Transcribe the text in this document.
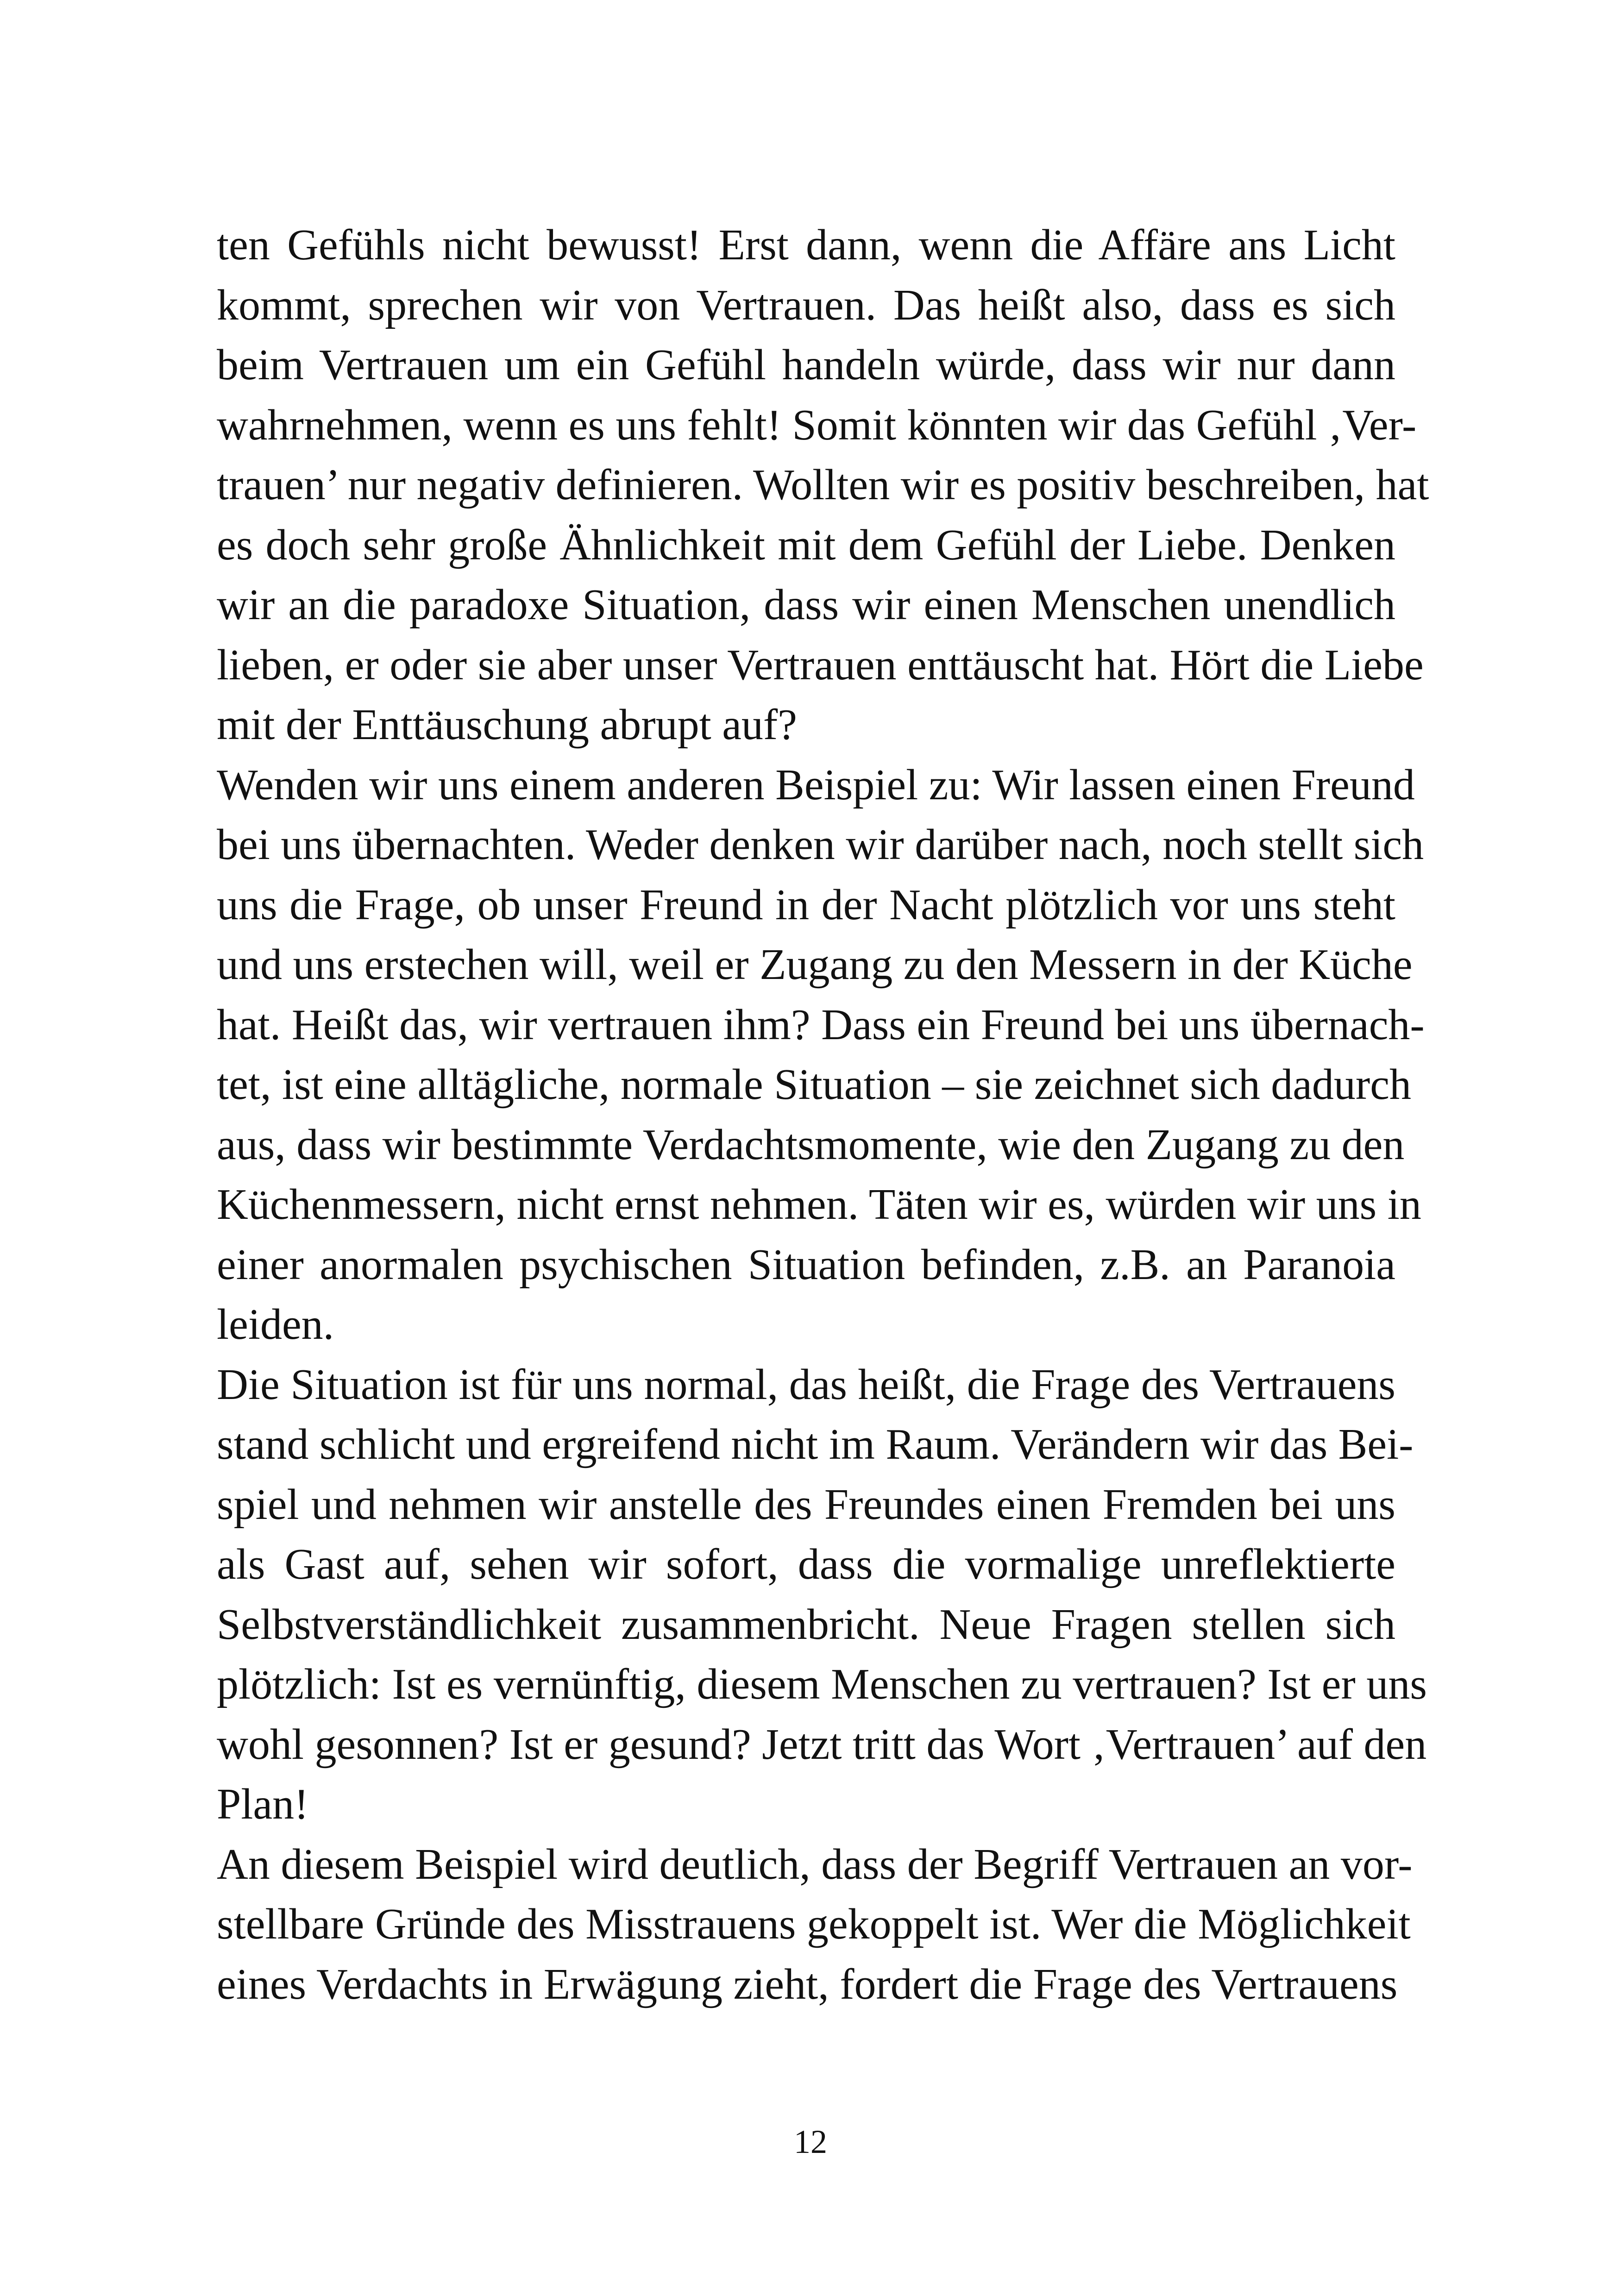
ten Gefühls nicht bewusst! Erst dann, wenn die Affäre ans Licht
kommt, sprechen wir von Vertrauen. Das heißt also, dass es sich
beim Vertrauen um ein Gefühl handeln würde, dass wir nur dann
wahrnehmen, wenn es uns fehlt! Somit könnten wir das Gefühl ‚Ver-
trauen’ nur negativ definieren. Wollten wir es positiv beschreiben, hat
es doch sehr große Ähnlichkeit mit dem Gefühl der Liebe. Denken
wir an die paradoxe Situation, dass wir einen Menschen unendlich
lieben, er oder sie aber unser Vertrauen enttäuscht hat. Hört die Liebe
mit der Enttäuschung abrupt auf?
Wenden wir uns einem anderen Beispiel zu: Wir lassen einen Freund
bei uns übernachten. Weder denken wir darüber nach, noch stellt sich
uns die Frage, ob unser Freund in der Nacht plötzlich vor uns steht
und uns erstechen will, weil er Zugang zu den Messern in der Küche
hat. Heißt das, wir vertrauen ihm? Dass ein Freund bei uns übernach-
tet, ist eine alltägliche, normale Situation – sie zeichnet sich dadurch
aus, dass wir bestimmte Verdachtsmomente, wie den Zugang zu den
Küchenmessern, nicht ernst nehmen. Täten wir es, würden wir uns in
einer anormalen psychischen Situation befinden, z.B. an Paranoia
leiden.
Die Situation ist für uns normal, das heißt, die Frage des Vertrauens
stand schlicht und ergreifend nicht im Raum. Verändern wir das Bei-
spiel und nehmen wir anstelle des Freundes einen Fremden bei uns
als Gast auf, sehen wir sofort, dass die vormalige unreflektierte
Selbstverständlichkeit zusammenbricht. Neue Fragen stellen sich
plötzlich: Ist es vernünftig, diesem Menschen zu vertrauen? Ist er uns
wohl gesonnen? Ist er gesund? Jetzt tritt das Wort ‚Vertrauen’ auf den
Plan!
An diesem Beispiel wird deutlich, dass der Begriff Vertrauen an vor-
stellbare Gründe des Misstrauens gekoppelt ist. Wer die Möglichkeit
eines Verdachts in Erwägung zieht, fordert die Frage des Vertrauens
12
